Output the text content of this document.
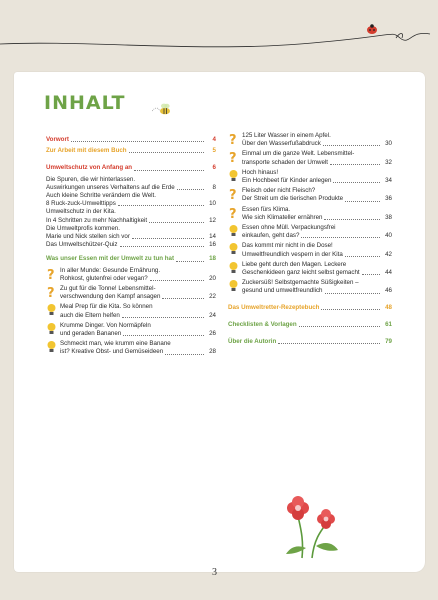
INHALT
Vorwort	4
Zur Arbeit mit diesem Buch	5
Umweltschutz von Anfang an	6
Die Spuren, die wir hinterlassen.
Auswirkungen unseres Verhaltens auf die Erde	8
Auch kleine Schritte verändern die Welt.
8 Ruck-zuck-Umwelttipps	10
Umweltschutz in der Kita.
In 4 Schritten zu mehr Nachhaltigkeit	12
Die Umweltprofis kommen.
Marie und Nick stellen sich vor	14
Das Umweltschützer-Quiz	16
Was unser Essen mit der Umwelt zu tun hat	18
? In aller Munde: Gesunde Ernährung.
Rohkost, glutenfrei oder vegan?	20
? Zu gut für die Tonne! Lebensmittel-
verschwendung den Kampf ansagen	22
Meal Prep für die Kita. So können
auch die Eltern helfen	24
Krumme Dinger. Von Normäpfeln
und geraden Bananen	26
Schmeckt man, wie krumm eine Banane
ist? Kreative Obst- und Gemüseideen	28
? 125 Liter Wasser in einem Apfel.
Über den Wasserfußabdruck	30
? Einmal um die ganze Welt. Lebensmittel-
transporte schaden der Umwelt	32
Hoch hinaus!
Ein Hochbeet für Kinder anlegen	34
? Fleisch oder nicht Fleisch?
Der Streit um die tierischen Produkte	36
? Essen fürs Klima.
Wie sich Klimateller ernähren	38
Essen ohne Müll. Verpackungsfrei
einkaufen, geht das?	40
Das kommt mir nicht in die Dose!
Umweltfreundlich vespern in der Kita	42
Liebe geht durch den Magen. Leckere
Geschenkideen ganz leicht selbst gemacht	44
Zuckersüß! Selbstgemachte Süßigkeiten –
gesund und umweltfreundlich	46
Das Umweltretter-Rezeptebuch	48
Checklisten & Vorlagen	61
Über die Autorin	79
3
